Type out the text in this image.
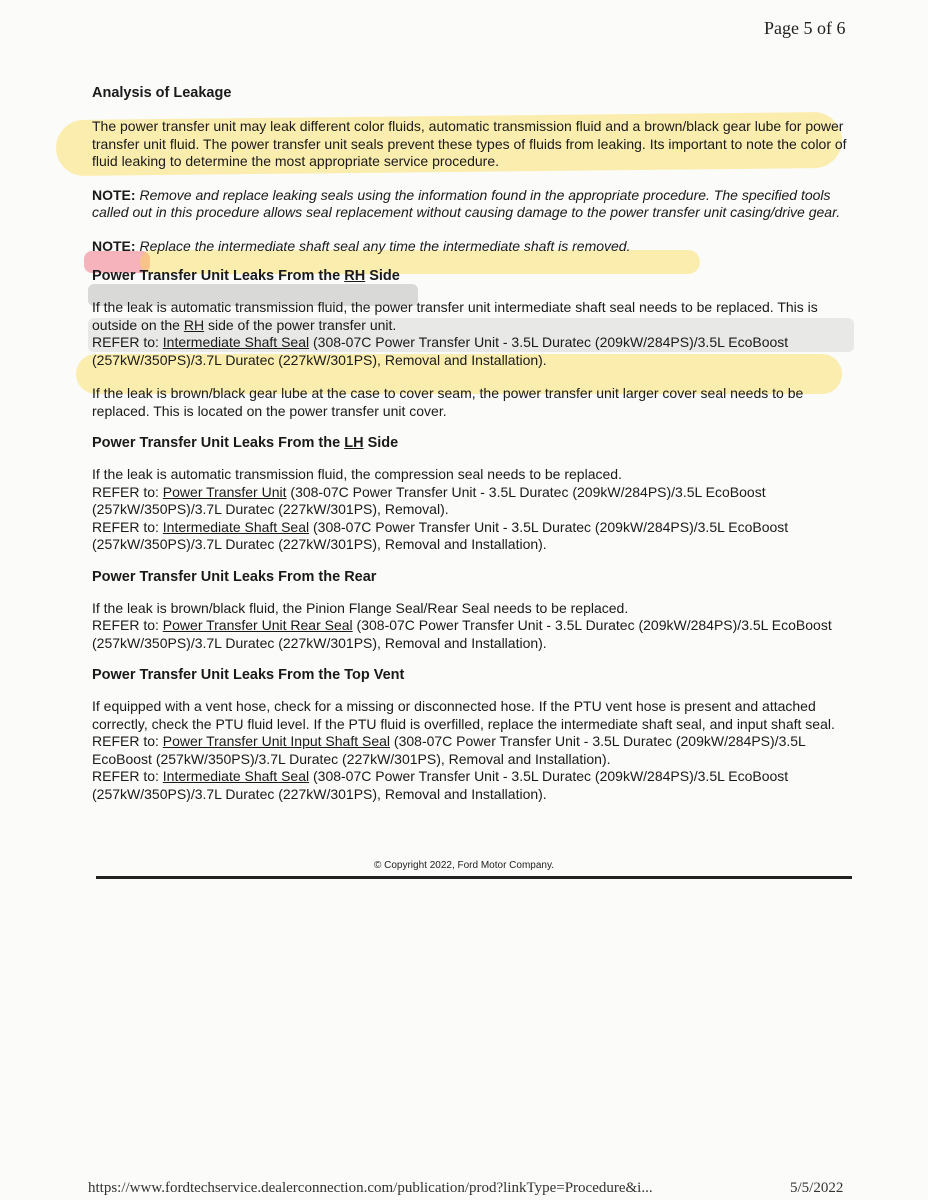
Page 5 of 6
Analysis of Leakage

The power transfer unit may leak different color fluids, automatic transmission fluid and a brown/black gear lube for power transfer unit fluid. The power transfer unit seals prevent these types of fluids from leaking. Its important to note the color of fluid leaking to determine the most appropriate service procedure.

NOTE: Remove and replace leaking seals using the information found in the appropriate procedure. The specified tools called out in this procedure allows seal replacement without causing damage to the power transfer unit casing/drive gear.

NOTE: Replace the intermediate shaft seal any time the intermediate shaft is removed.

Power Transfer Unit Leaks From the RH Side

If the leak is automatic transmission fluid, the power transfer unit intermediate shaft seal needs to be replaced. This is outside on the RH side of the power transfer unit.
REFER to: Intermediate Shaft Seal (308-07C Power Transfer Unit - 3.5L Duratec (209kW/284PS)/3.5L EcoBoost (257kW/350PS)/3.7L Duratec (227kW/301PS), Removal and Installation).

If the leak is brown/black gear lube at the case to cover seam, the power transfer unit larger cover seal needs to be replaced. This is located on the power transfer unit cover.

Power Transfer Unit Leaks From the LH Side

If the leak is automatic transmission fluid, the compression seal needs to be replaced.
REFER to: Power Transfer Unit (308-07C Power Transfer Unit - 3.5L Duratec (209kW/284PS)/3.5L EcoBoost (257kW/350PS)/3.7L Duratec (227kW/301PS), Removal).
REFER to: Intermediate Shaft Seal (308-07C Power Transfer Unit - 3.5L Duratec (209kW/284PS)/3.5L EcoBoost (257kW/350PS)/3.7L Duratec (227kW/301PS), Removal and Installation).

Power Transfer Unit Leaks From the Rear

If the leak is brown/black fluid, the Pinion Flange Seal/Rear Seal needs to be replaced.
REFER to: Power Transfer Unit Rear Seal (308-07C Power Transfer Unit - 3.5L Duratec (209kW/284PS)/3.5L EcoBoost (257kW/350PS)/3.7L Duratec (227kW/301PS), Removal and Installation).

Power Transfer Unit Leaks From the Top Vent

If equipped with a vent hose, check for a missing or disconnected hose. If the PTU vent hose is present and attached correctly, check the PTU fluid level. If the PTU fluid is overfilled, replace the intermediate shaft seal, and input shaft seal.
REFER to: Power Transfer Unit Input Shaft Seal (308-07C Power Transfer Unit - 3.5L Duratec (209kW/284PS)/3.5L EcoBoost (257kW/350PS)/3.7L Duratec (227kW/301PS), Removal and Installation).
REFER to: Intermediate Shaft Seal (308-07C Power Transfer Unit - 3.5L Duratec (209kW/284PS)/3.5L EcoBoost (257kW/350PS)/3.7L Duratec (227kW/301PS), Removal and Installation).

© Copyright 2022, Ford Motor Company.
https://www.fordtechservice.dealerconnection.com/publication/prod?linkType=Procedure&i...	5/5/2022
